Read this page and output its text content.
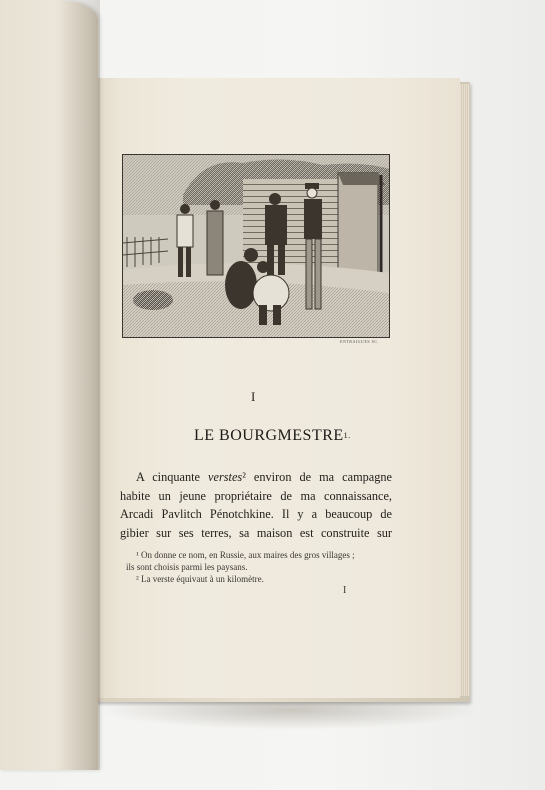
ENTRAIGUES SC.
I
LE $BOURGMESTRE^{1.}$
A cinquante verstes² environ de ma campagne
habite un jeune propriétaire de ma connaissance,
Arcadi Pavlitch Pénotchkine. Il y a beaucoup de
gibier sur ses terres, sa maison est construite sur
¹ On donne ce nom, en Russie, aux maires des gros villages ;
ils sont choisis parmi les paysans.
² La verste équivaut à un kilomètre.
I
